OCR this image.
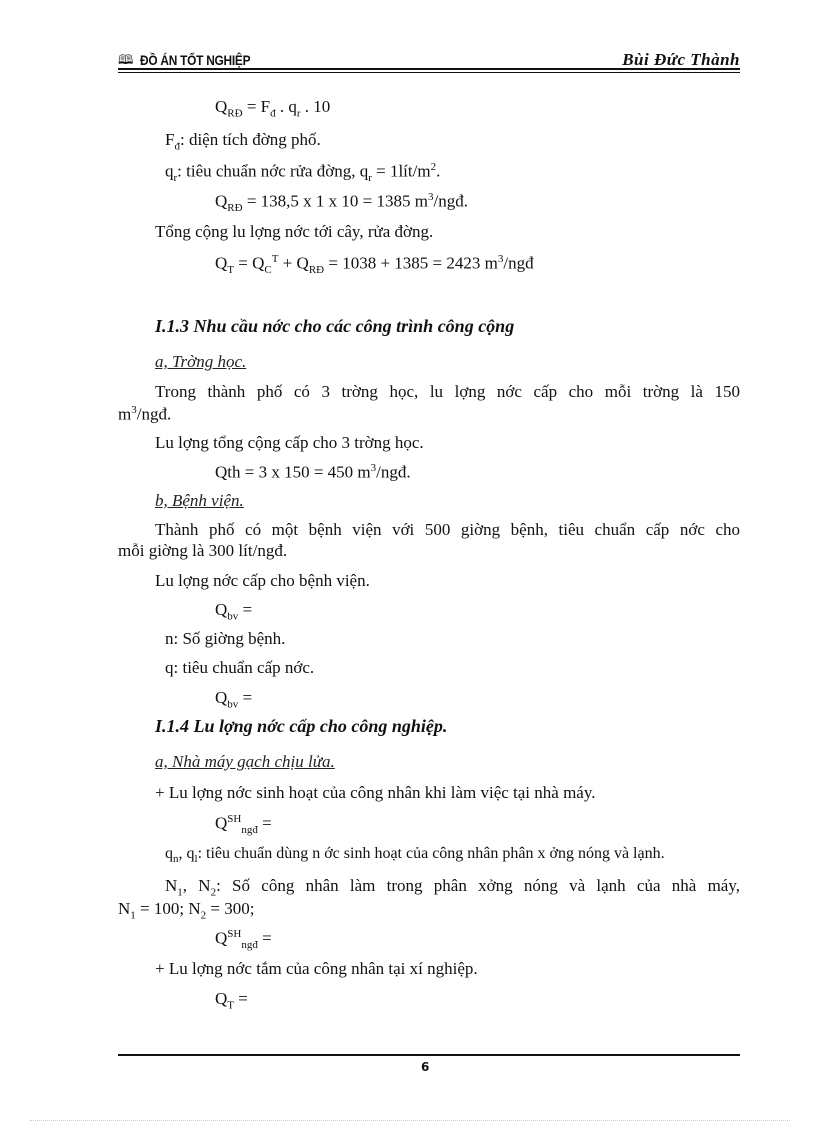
🕮 ĐỒ ÁN TỐT NGHIỆP	Bùi Đức Thành
$Q_{RĐ} = F_đ$ . $q_r$ . 10
$F_đ$: diện tích đờng phố.
$q_r$: tiêu chuẩn nớc rửa đờng, $q_r$ = $1lít/m^2$.
$Q_{RĐ} = 138,5$ x 1 x 10 = 1385 $m^3$/ngđ.
Tổng cộng lu lợng nớc tới cây, rửa đờng.
$Q_T = Q_C^T + Q_{RĐ} = 1038 + 1385 = 2423$ $m^3$/ngđ
I.1.3 Nhu cầu nớc cho các công trình công cộng
a, Trờng học.
Trong thành phố có 3 trờng học, lu lợng nớc cấp cho mỗi trờng là 150
$m^3$/ngđ.
Lu lợng tổng cộng cấp cho 3 trờng học.
Qth = 3 x 150 = 450 $m^3$/ngđ.
b, Bệnh viện.
Thành phố có một bệnh viện với 500 giờng bệnh, tiêu chuẩn cấp nớc cho
mỗi giờng là 300 lít/ngđ.
Lu lợng nớc cấp cho bệnh viện.
$Q_{bv}$ =
n: Số giờng bệnh.
q: tiêu chuẩn cấp nớc.
$Q_{bv}$ =
I.1.4 Lu lợng nớc cấp cho công nghiệp.
a, Nhà máy gạch chịu lửa.
+ Lu lợng nớc sinh hoạt của công nhân khi làm việc tại nhà máy.
$Q^{SH}_{ngđ}$ =
$q_n$, $q_l$: tiêu chuẩn dùng n ớc sinh hoạt của công nhân phân x ởng nóng và lạnh.
$N_1$, $N_2$: Số công nhân làm trong phân xởng nóng và lạnh của nhà máy,
$N_1 = 100$; $N_2 = 300$;
$Q^{SH}_{ngđ}$ =
+ Lu lợng nớc tắm của công nhân tại xí nghiệp.
$Q_T$ =
6
